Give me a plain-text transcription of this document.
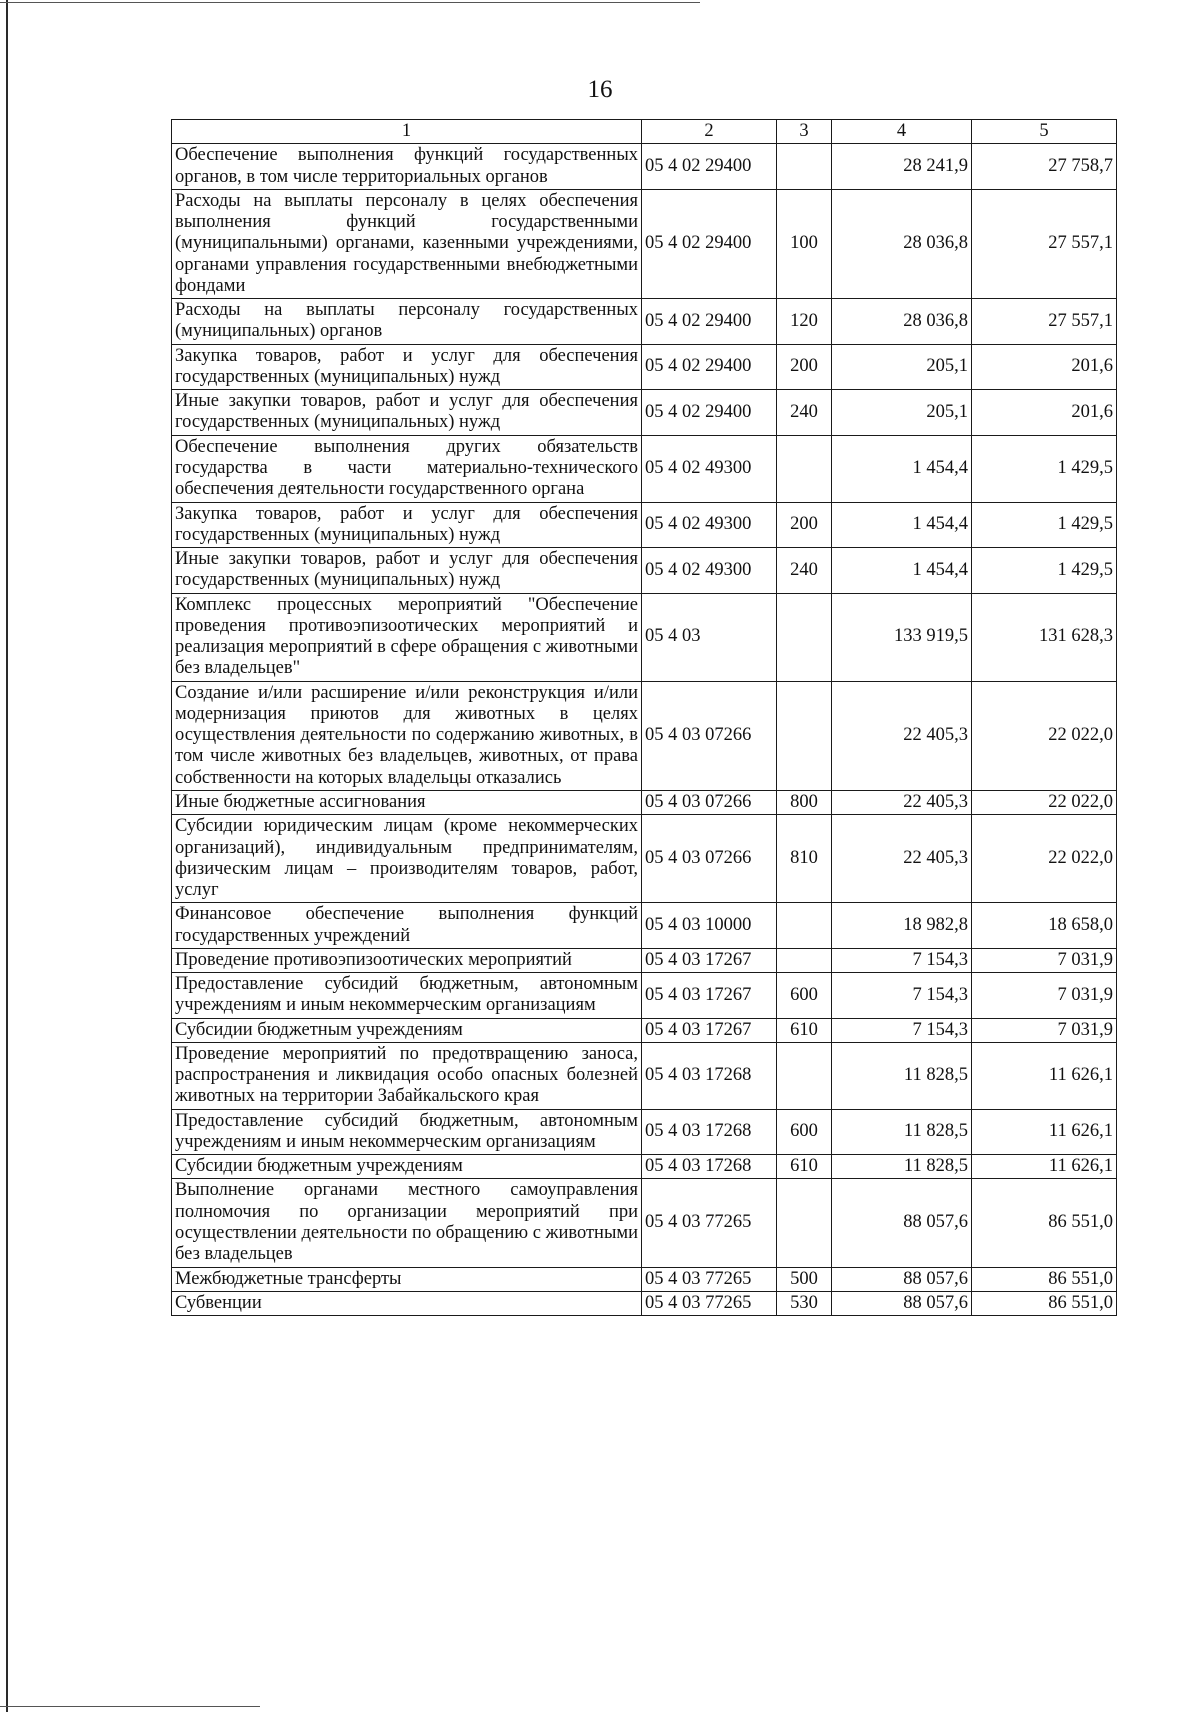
16
1	2	3	4	5
Обеспечение выполнения функций государственных органов, в том числе территориальных органов	05 4 02 29400		28 241,9	27 758,7
Расходы на выплаты персоналу в целях обеспечения выполнения функций государственными (муниципальными) органами, казенными учреждениями, органами управления государственными внебюджетными фондами	05 4 02 29400	100	28 036,8	27 557,1
Расходы на выплаты персоналу государственных (муниципальных) органов	05 4 02 29400	120	28 036,8	27 557,1
Закупка товаров, работ и услуг для обеспечения государственных (муниципальных) нужд	05 4 02 29400	200	205,1	201,6
Иные закупки товаров, работ и услуг для обеспечения государственных (муниципальных) нужд	05 4 02 29400	240	205,1	201,6
Обеспечение выполнения других обязательств государства в части материально-технического обеспечения деятельности государственного органа	05 4 02 49300		1 454,4	1 429,5
Закупка товаров, работ и услуг для обеспечения государственных (муниципальных) нужд	05 4 02 49300	200	1 454,4	1 429,5
Иные закупки товаров, работ и услуг для обеспечения государственных (муниципальных) нужд	05 4 02 49300	240	1 454,4	1 429,5
Комплекс процессных мероприятий "Обеспечение проведения противоэпизоотических мероприятий и реализация мероприятий в сфере обращения с животными без владельцев"	05 4 03		133 919,5	131 628,3
Создание и/или расширение и/или реконструкция и/или модернизация приютов для животных в целях осуществления деятельности по содержанию животных, в том числе животных без владельцев, животных, от права собственности на которых владельцы отказались	05 4 03 07266		22 405,3	22 022,0
Иные бюджетные ассигнования	05 4 03 07266	800	22 405,3	22 022,0
Субсидии юридическим лицам (кроме некоммерческих организаций), индивидуальным предпринимателям, физическим лицам – производителям товаров, работ, услуг	05 4 03 07266	810	22 405,3	22 022,0
Финансовое обеспечение выполнения функций государственных учреждений	05 4 03 10000		18 982,8	18 658,0
Проведение противоэпизоотических мероприятий	05 4 03 17267		7 154,3	7 031,9
Предоставление субсидий бюджетным, автономным учреждениям и иным некоммерческим организациям	05 4 03 17267	600	7 154,3	7 031,9
Субсидии бюджетным учреждениям	05 4 03 17267	610	7 154,3	7 031,9
Проведение мероприятий по предотвращению заноса, распространения и ликвидация особо опасных болезней животных на территории Забайкальского края	05 4 03 17268		11 828,5	11 626,1
Предоставление субсидий бюджетным, автономным учреждениям и иным некоммерческим организациям	05 4 03 17268	600	11 828,5	11 626,1
Субсидии бюджетным учреждениям	05 4 03 17268	610	11 828,5	11 626,1
Выполнение органами местного самоуправления полномочия по организации мероприятий при осуществлении деятельности по обращению с животными без владельцев	05 4 03 77265		88 057,6	86 551,0
Межбюджетные трансферты	05 4 03 77265	500	88 057,6	86 551,0
Субвенции	05 4 03 77265	530	88 057,6	86 551,0
